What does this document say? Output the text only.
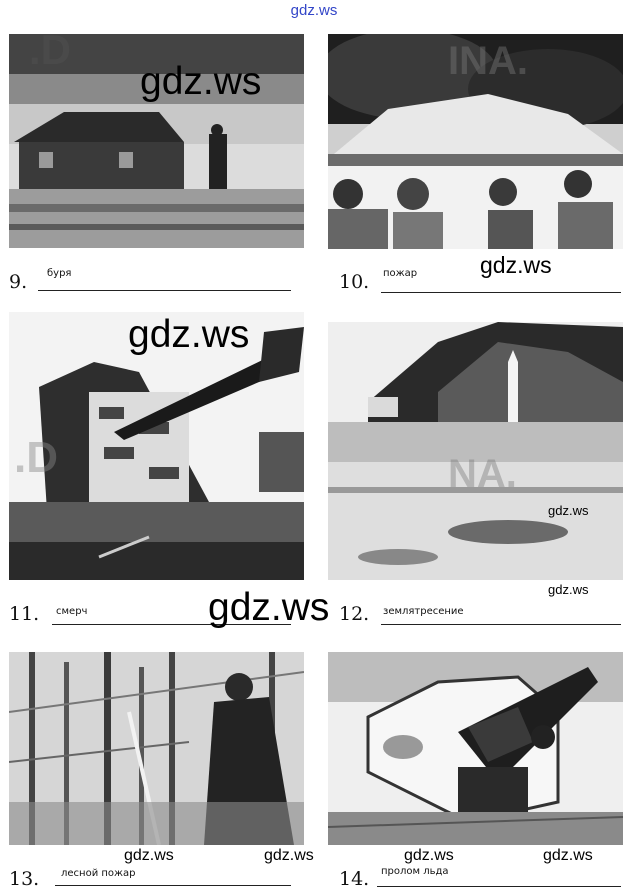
gdz.ws
.D	INA.
.D	NA.
9. буря	10. пожар
11. смерч	12. землятресение
13. лесной пожар	14. пролом льда
gdz.ws
gdz.ws
gdz.ws
gdz.ws
gdz.ws
gdz.ws
gdz.ws	gdz.ws	gdz.ws	gdz.ws
